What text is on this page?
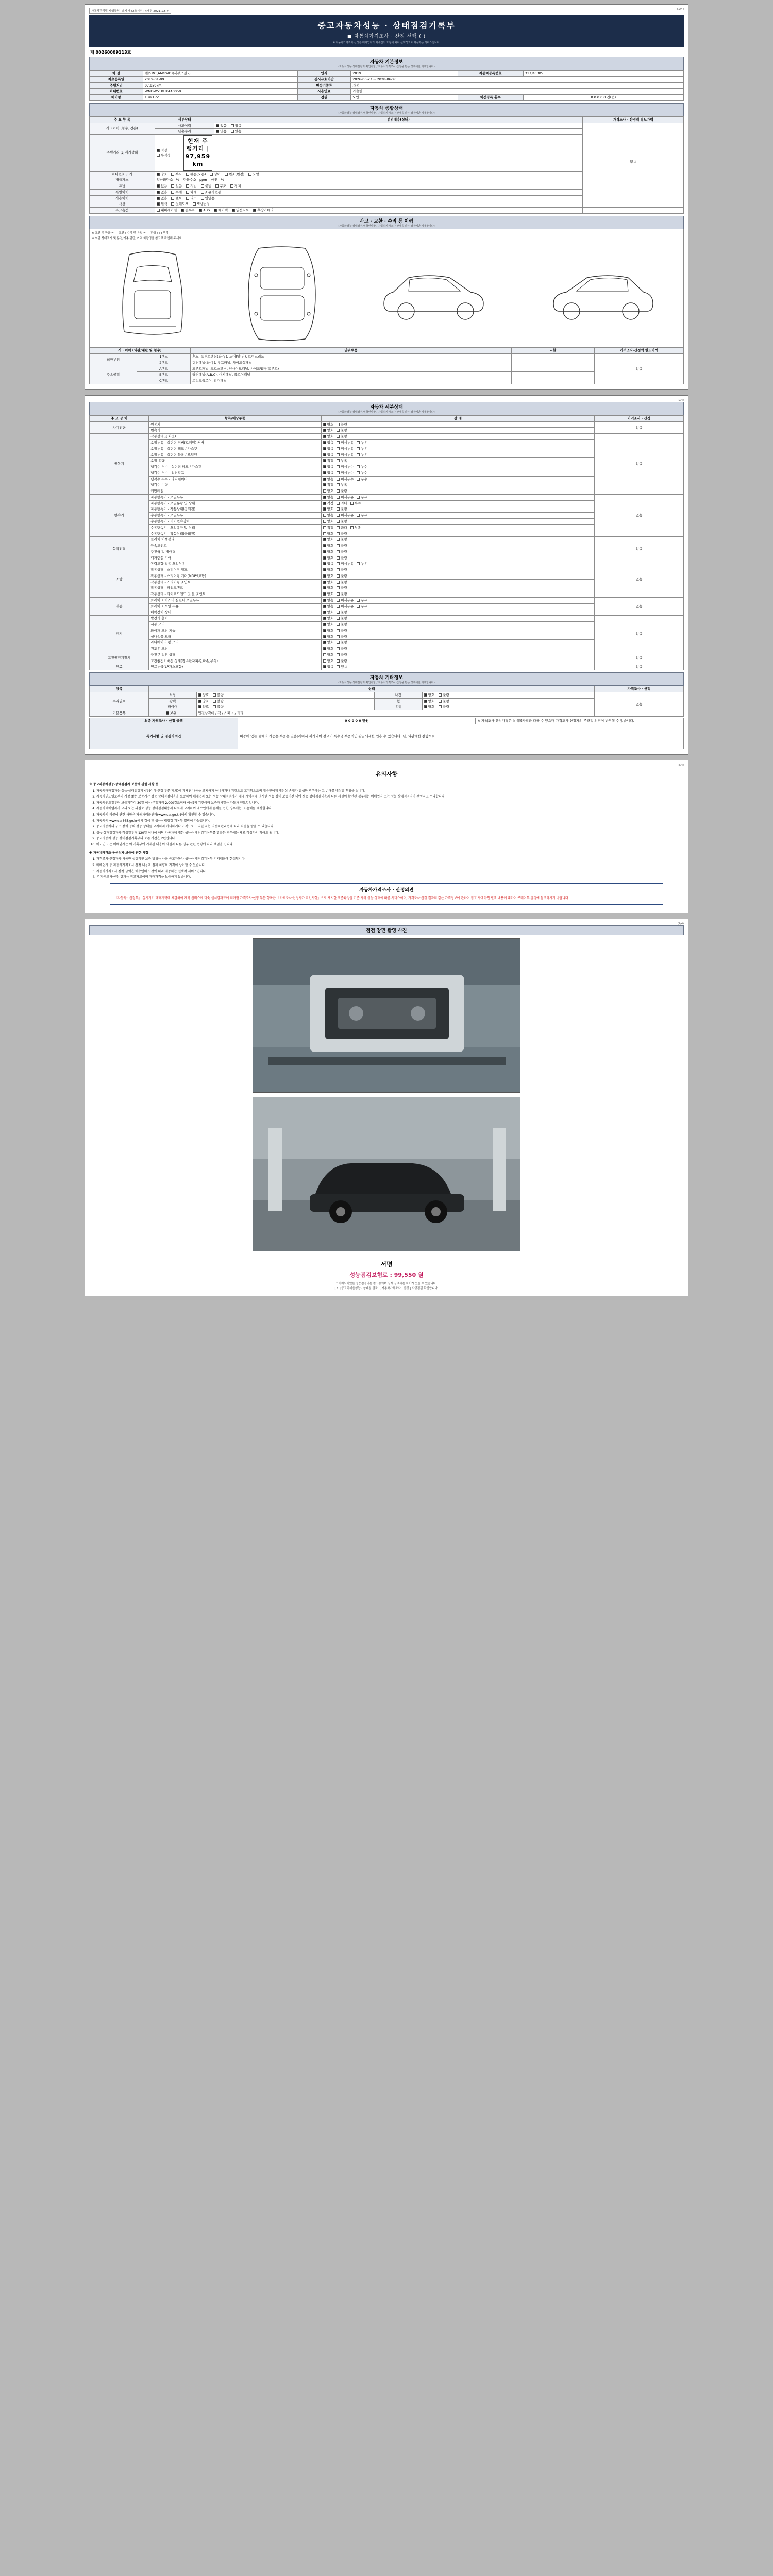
자동차관리법 시행규칙 [별지 제82호서식] <개정 2021.1.5.>
(1/4)
중고자동차성능 · 상태점검기록부
■ 자동차가격조사 · 산정 선택 ( )
※ 자동차가격조사·산정은 매매업자가 매수인의 요청에 따라 선택적으로 제공하는 서비스입니다.
제 00260009113호
자동차 기본정보
(자동차성능·상태점검자 확인사항 / 자동차가격조사·산정을 받는 경우에만 기재합니다)
차 명	벤츠MC(AMGWD)(세부모델 -)	연식	2019	자동차등록번호	317로0305
최초등록일	2019-01-09	검사유효기간	2026-06-27 ~ 2028-06-26		
주행거리	97,959km	변속기종류	자동		
차대번호	WMDW51BUX4A0050	사용연료	가솔린		
배기량	1,991 cc	정원	5 인	이전등록 횟수	0 0 0 0 0 건(번)
자동차 종합상태
(자동차성능·상태점검자 확인사항 / 자동차가격조사·산정을 받는 경우에만 기재합니다)
주 요 항 목	세부상태	점검내용(상태)	가격조사 · 산정액 별도가액
사고이력 (침수, 전손)	사고이력	없음 있음	없음
	단순수리	없음 있음	
주행거리 및 계기상태	적정 부적정
현재 주행거리 | 97,959 km		

차대번호 표기	양호 부식 훼손(오손) 상이 변조(변경) 도말		
배출가스	일산화탄소 % 탄화수소 ppm 매연 %		
튜닝	없음 있음 적법 불법 구조 장치		
특별이력	없음 수해 화재 소유자변동		
사용이력	없음 렌트 리스 영업용		
색상	원색 전체도색 색상변경		
주요옵션	내비게이션 썬루프 ABS 에어백 열선시트 후방카메라		
사고 · 교환 · 수리 등 이력
(자동차성능·상태점검자 확인사항 / 자동차가격조사·산정을 받는 경우에만 기재합니다)
※ 교환 및 판금 = ( ) 교환 / 수리 및 용접 = ( ) 판금 / ( ) 부식
※ 외판 상태표시 및 용접/기준 판단, 가격 차량명을 참고로 확인해 주세요
사고이력 (외판/내판 및 침수)		단위부품	교환	가격조사·산정액 별도가액
외판부위	1랭크	후드, 프론트펜더(좌·우), 도어(앞·뒤), 트렁크리드		없음
	2랭크	쿼터패널(좌·우), 루프패널, 사이드실패널		
주요골격	A랭크	프론트패널, 크로스멤버, 인사이드패널, 사이드멤버(프론트)		
	B랭크	필러패널(A,B,C), 대시패널, 플로어패널		
	C랭크	트렁크플로어, 리어패널		
(2/4)
자동차 세부상태
(자동차성능·상태점검자 확인사항 / 자동차가격조사·산정을 받는 경우에만 기재합니다)
주 요 장 치	항목/해당부품	상 태	가격조사 · 산정
자기진단	원동기	양호 불량	없음
	변속기	양호 불량	
원동기	작동상태(공회전)	양호 불량	없음
	오일누유 - 실린더 커버(로커암) 커버	없음 미세누유 누유	
	오일누유 - 실린더 헤드 / 가스켓	없음 미세누유 누유	
	오일누유 - 실린더 블록 / 오일팬	없음 미세누유 누유	
	오일 유량	적정 부족	
	냉각수 누수 - 실린더 헤드 / 가스켓	없음 미세누수 누수	
	냉각수 누수 - 워터펌프	없음 미세누수 누수	
	냉각수 누수 - 라디에이터	없음 미세누수 누수	
	냉각수 수량	적정 부족	
	커먼레일	양호 불량	
변속기	자동변속기 - 오일누유	없음 미세누유 누유	없음
	자동변속기 - 오일유량 및 상태	적정 과다 부족	
	자동변속기 - 작동상태(공회전)	양호 불량	
	수동변속기 - 오일누유	없음 미세누유 누유	
	수동변속기 - 기어변속장치	양호 불량	
	수동변속기 - 오일유량 및 상태	적정 과다 부족	
	수동변속기 - 작동상태(공회전)	양호 불량	
동력전달	클러치 어셈블리	양호 불량	없음
	등속조인트	양호 불량	
	추진축 및 베어링	양호 불량	
	디퍼렌셜 기어	양호 불량	
조향	동력조향 작동 오일누유	없음 미세누유 누유	없음
	작동상태 - 스티어링 펌프	양호 불량	
	작동상태 - 스티어링 기어(MDPS포함)	양호 불량	
	작동상태 - 스티어링 조인트	양호 불량	
	작동상태 - 파워크랭크	양호 불량	
	작동상태 - 타이로드엔드 및 볼 조인트	양호 불량	
제동	브레이크 마스터 실린더 오일누유	없음 미세누유 누유	없음
	브레이크 오일 누유	없음 미세누유 누유	
	배력장치 상태	양호 불량	
전기	발전기 출력	양호 불량	없음
	시동 모터	양호 불량	
	와이퍼 모터 기능	양호 불량	
	실내송풍 모터	양호 불량	
	라디에이터 팬 모터	양호 불량	
	윈도우 모터	양호 불량	
고전원전기장치	충전구 절연 상태	양호 불량	없음
	고전원전기배선 상태(접속단자피복,파손,부식)	양호 불량	
연료	연료누출(LP가스포함)	없음 있음	없음
자동차 기타정보
(자동차성능·상태점검자 확인사항 / 자동차가격조사·산정을 받는 경우에만 기재합니다)
항목	상태				가격조사 · 산정
수리필요	외장	양호 불량	내장	양호 불량	없음
	광택	양호 불량	휠	양호 불량	
	타이어	양호 불량	유리	양호 불량	
기본품목	보유	안전삼각대 / 잭 / 스패너 / 기타			
최종 가격조사 · 산정 금액	0 0 0 0 0 만원	※ 가격조사·산정가격은 실매물가격과 다를 수 있으며 가격조사·산정자의 주관적 의견이 반영될 수 있습니다.
특기사항 및 점검자의견	비공에 있는 물체의 기능은 부품은 있음(레버서 제거되어 결고기 특수냉 부품역인 판금되세한 인용 수 있습니다. 단, 외관해한 결함으로	
(3/4)
유의사항

※ 중고자동차성능·상태점검자 보증에 관한 사항 등

1. 자동차매매업자는 성능·상태점검기록부(이하 산정 부분 제외)에 기재된 내용을 고지하지 아니하거나 거짓으로 고지함으로써 매수인에게 재산상 손해가 발생한 경우에는 그 손해를 배상할 책임을 집니다.
2. 자동차인도일로부터 가장 짧은 보증기간 성능·상태점검내용을 보증하여 매매업자 또는 성능·상태점검자가 매매 계약서에 명시한 성능·상태 보증기간 내에 성능·상태점검내용과 다른 사실이 확인된 경우에는 매매업자 또는 성능·상태점검자가 책임지고 수리합니다.
3. 자동차인도일부터 보증기간이 30일 이상(주행거리 2,000킬로미터 이상)의 기간이며 보증개시일은 자동차 인도일입니다.
4. 자동차매매업자가 고의 또는 과실로 성능·상태점검내용과 다르게 고지하여 매수인에게 손해를 입힌 경우에는 그 손해를 배상합니다.
5. 자동차의 리콜에 관한 사항은 자동차리콜센터(www.car.go.kr)에서 확인할 수 있습니다.
6. 자동차의 www.car365.go.kr에서 검색 및 성능상태점검 기록부 열람이 가능합니다.
7. 중고자동차의 구조·장치 등의 성능·상태를 고지하지 아니하거나 거짓으로 고지한 자는 자동차관리법에 따라 처벌을 받을 수 있습니다.
8. 성능·상태점검자가 작성일부터 120일 이내에 해당 자동차에 대한 성능·상태점검기록부를 발급한 경우에는 새로 작성하지 않아도 됩니다.
9. 중고자동차 성능·상태점검기록부의 보존 기간은 2년입니다.
10. 매도인 또는 매매업자는 이 기록부에 기재된 내용이 사실과 다른 경우 관련 법령에 따라 책임을 집니다.

※ 자동차가격조사·산정자 보증에 관한 사항

1. 가격조사·산정자가 사용한 실질적인 보증 범위는 사용 중고자동차 성능·상태점검기록부 기재내용에 한정됩니다.
2. 매매업자 등 자동차가격조사·산정 내용과 실제 차량의 가격이 상이할 수 있습니다.
3. 자동차가격조사·산정 금액은 매수인의 요청에 따라 제공하는 선택적 서비스입니다.
4. 본 가격조사·산정 결과는 참고자료이며 거래가격을 보증하지 않습니다.
자동차가격조사 · 산정의견
「자동차 · 산정부」 실시기기 매매계약에 체결하여 계약 선비스에 미숙 실시결과표에 의거한 가격조사·산정 부분 항목은 「가격조사·산정자가 확인사항」으로 제시한 표준과정을 기준 가격 성능 상태에 따른 서비스이며, 가격조사·산정 결과의 값은 가격정보에 관하여 참고 구매하면 필요 내용에 대하여 구매여부 결정에 참고하시기 바랍니다.
(4/4)
점검 장면 촬영 사진
서명
성능점검보험료 : 99,550 원
* 기재되어있는 성능점검비는 참고용이며 실제 금액과는 차이가 있을 수 있습니다.
[ Y ] 중고차세움성능 · 상태점 결조. [ 자동차가격조사 · 산정 ] 사항점검 확인합니다.
